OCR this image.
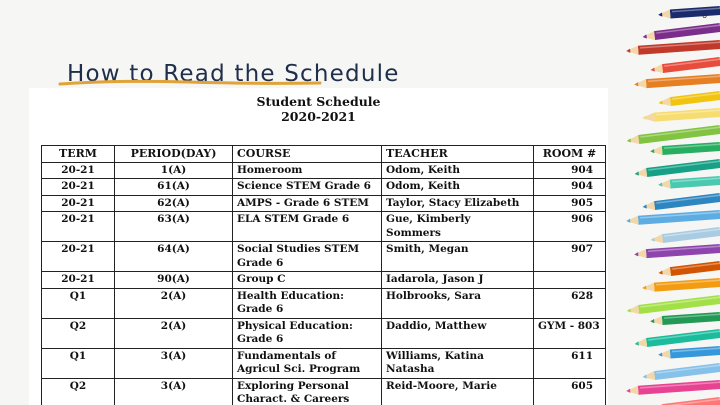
How to Read the Schedule
Student Schedule
2020-2021
TERM	PERIOD(DAY)	COURSE	TEACHER	ROOM #
20-21	1(A)	Homeroom	Odom, Keith	904
20-21	61(A)	Science STEM Grade 6	Odom, Keith	904
20-21	62(A)	AMPS - Grade 6 STEM	Taylor, Stacy Elizabeth	905
20-21	63(A)	ELA STEM Grade 6	Gue, Kimberly Sommers	906
20-21	64(A)	Social Studies STEM Grade 6	Smith, Megan	907
20-21	90(A)	Group C	Iadarola, Jason J	
Q1	2(A)	Health Education: Grade 6	Holbrooks, Sara	628
Q2	2(A)	Physical Education: Grade 6	Daddio, Matthew	GYM - 803
Q1	3(A)	Fundamentals of Agricul Sci. Program	Williams, Katina Natasha	611
Q2	3(A)	Exploring Personal Charact. & Careers	Reid-Moore, Marie	605
